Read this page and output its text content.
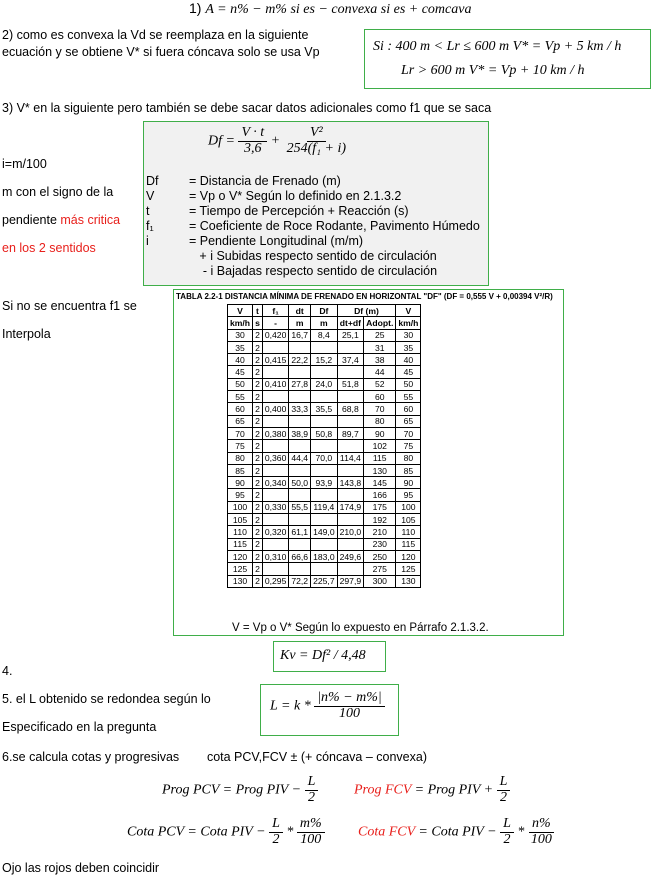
1) A = n% − m% si es − convexa si es + comcava
2) como es convexa la Vd se reemplaza en la siguiente
ecuación y se obtiene V* si fuera cóncava solo se usa Vp	Si : 400 m < Lr ≤ 600 m V* = Vp + 5 km / h
Lr > 600 m V* = Vp + 10 km / h
3) V* en la siguiente pero también se debe sacar datos adicionales como f1 que se saca
i=m/100
m con el signo de la
pendiente más critica
en los 2 sentidos
$Df = \frac{V \cdot t}{3,6} + \frac{\text{V²}}{\text{254(f₁ + i)}}$
Df	= Distancia de Frenado (m)
V	= Vp o V* Según lo definido en 2.1.3.2
t	= Tiempo de Percepción + Reacción (s)
f₁	= Coeficiente de Roce Rodante, Pavimento Húmedo
i	= Pendiente Longitudinal (m/m)
+ i Subidas respecto sentido de circulación
- i Bajadas respecto sentido de circulación
Si no se encuentra f1 se
Interpola
TABLA 2.2-1 DISTANCIA MÍNIMA DE FRENADO EN HORIZONTAL "DF" (DF = 0,555 V + 0,00394 V²/R)
V	t	f₁	dt	Df	Df (m)		V
km/h	s	-	m	m	dt+df	Adopt.	km/h
30	2	0,420	16,7	8,4	25,1	25	30
35	2					31	35
40	2	0,415	22,2	15,2	37,4	38	40
45	2					44	45
50	2	0,410	27,8	24,0	51,8	52	50
55	2					60	55
60	2	0,400	33,3	35,5	68,8	70	60
65	2					80	65
70	2	0,380	38,9	50,8	89,7	90	70
75	2					102	75
80	2	0,360	44,4	70,0	114,4	115	80
85	2					130	85
90	2	0,340	50,0	93,9	143,8	145	90
95	2					166	95
100	2	0,330	55,5	119,4	174,9	175	100
105	2					192	105
110	2	0,320	61,1	149,0	210,0	210	110
115	2					230	115
120	2	0,310	66,6	183,0	249,6	250	120
125	2					275	125
130	2	0,295	72,2	225,7	297,9	300	130
V = Vp o V* Según lo expuesto en Párrafo 2.1.3.2.
4.
Kv = Df² / 4,48
5. el L obtenido se redondea según lo
Especificado en la pregunta
$L = k * \frac{|n\% - m\%|}{100}$
6.se calcula cotas y progresivas        cota PCV,FCV ± (+ cóncava – convexa)
Prog PCV = Prog PIV − $\frac{L}{2}$	Prog FCV = Prog PIV + $\frac{L}{2}$
Cota PCV = Cota PIV − $\frac{L}{2} * \frac{m\%}{100}$ Cota FCV = Cota PIV − $\frac{L}{2} * \frac{n\%}{100}$
Ojo las rojos deben coincidir
